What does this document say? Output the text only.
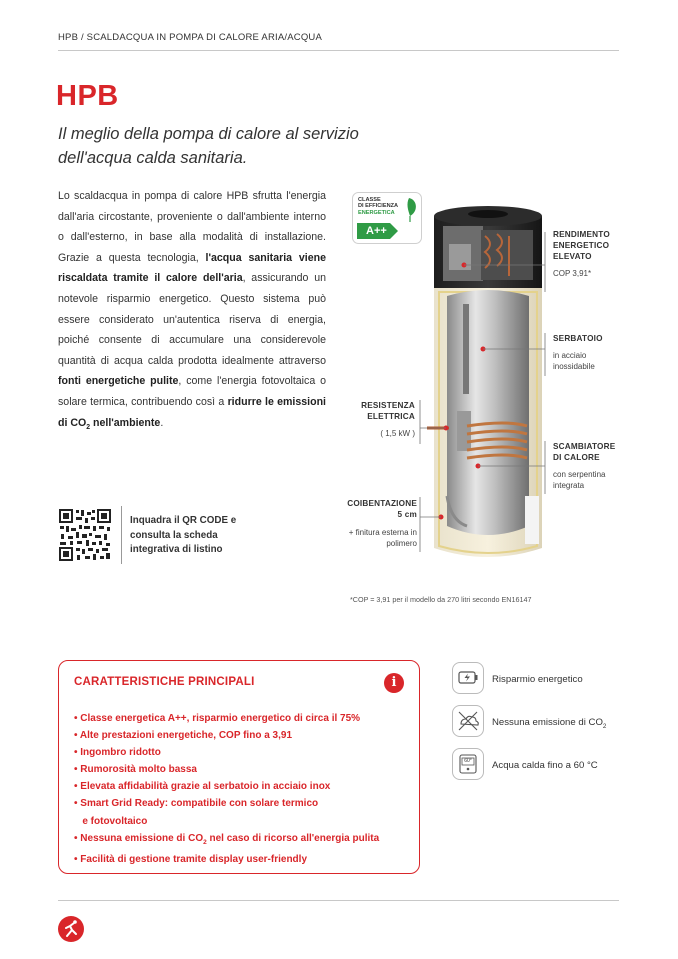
HPB / SCALDACQUA IN POMPA DI CALORE ARIA/ACQUA
HPB
Il meglio della pompa di calore al servizio dell'acqua calda sanitaria.
Lo scaldacqua in pompa di calore HPB sfrutta l'energia dall'aria circostante, proveniente o dall'ambiente interno o dall'esterno, in base alla modalità di installazione. Grazie a questa tecnologia, l'acqua sanitaria viene riscaldata tramite il calore dell'aria, assicurando un notevole risparmio energetico. Questo sistema può essere considerato un'autentica riserva di energia, poiché consente di accumulare una considerevole quantità di acqua calda prodotta idealmente attraverso fonti energetiche pulite, come l'energia fotovoltaica o solare termica, contribuendo così a ridurre le emissioni di $CO_2$ nell'ambiente.
Inquadra il QR CODE e consulta la scheda integrativa di listino
CLASSE
DI EFFICIENZA
ENERGETICA
A++	RENDIMENTO ENERGETICO ELEVATO
COP 3,91*
SERBATOIO
in acciaio inossidabile
SCAMBIATORE DI CALORE
con serpentina integrata
RESISTENZA ELETTRICA
( 1,5 kW )
COIBENTAZIONE 5 cm
+ finitura esterna in polimero
*COP = 3,91 per il modello da 270 litri secondo EN16147
CARATTERISTICHE PRINCIPALI	i
• Classe energetica A++, risparmio energetico di circa il 75%
• Alte prestazioni energetiche, COP fino a 3,91
• Ingombro ridotto
• Rumorosità molto bassa
• Elevata affidabilità grazie al serbatoio in acciaio inox
• Smart Grid Ready: compatibile con solare termico
e fotovoltaico
• Nessuna emissione di $CO_2$ nel caso di ricorso all'energia pulita
• Facilità di gestione tramite display user-friendly
Risparmio energetico
Nessuna emissione di $CO_2$
60° Acqua calda fino a 60 °C
